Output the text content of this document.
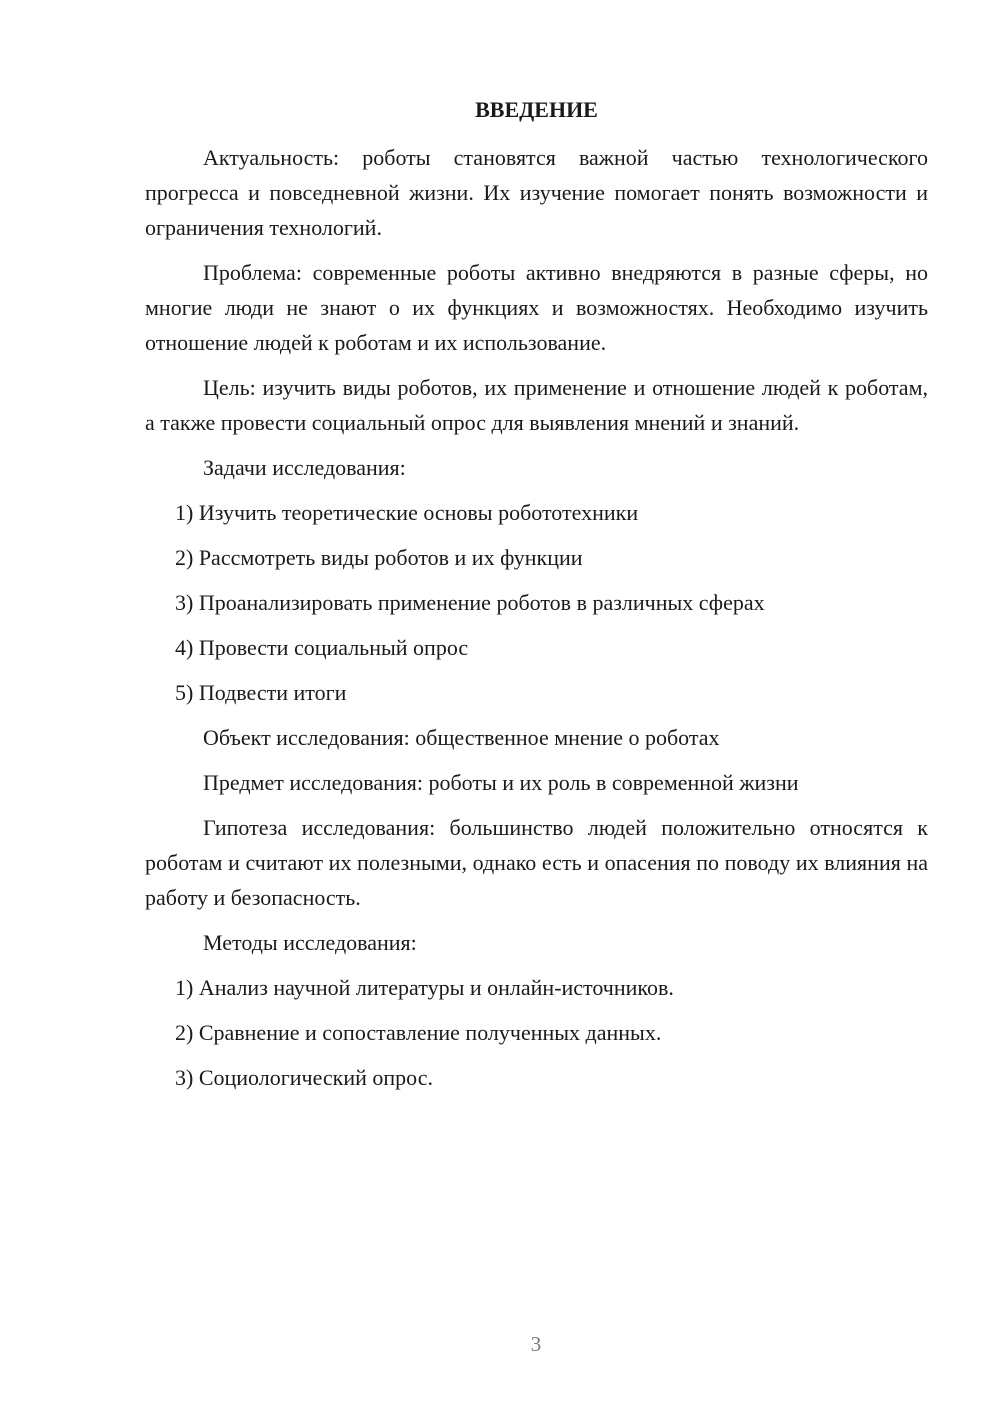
ВВЕДЕНИЕ

Актуальность: роботы становятся важной частью технологического прогресса и повседневной жизни. Их изучение помогает понять возможности и ограничения технологий.

Проблема: современные роботы активно внедряются в разные сферы, но многие люди не знают о их функциях и возможностях. Необходимо изучить отношение людей к роботам и их использование.

Цель: изучить виды роботов, их применение и отношение людей к роботам, а также провести социальный опрос для выявления мнений и знаний.

Задачи исследования:

1) Изучить теоретические основы робототехники

2) Рассмотреть виды роботов и их функции

3) Проанализировать применение роботов в различных сферах

4) Провести социальный опрос

5) Подвести итоги

Объект исследования: общественное мнение о роботах

Предмет исследования: роботы и их роль в современной жизни

Гипотеза исследования: большинство людей положительно относятся к роботам и считают их полезными, однако есть и опасения по поводу их влияния на работу и безопасность.

Методы исследования:

1) Анализ научной литературы и онлайн-источников.

2) Сравнение и сопоставление полученных данных.

3) Социологический опрос.

3
